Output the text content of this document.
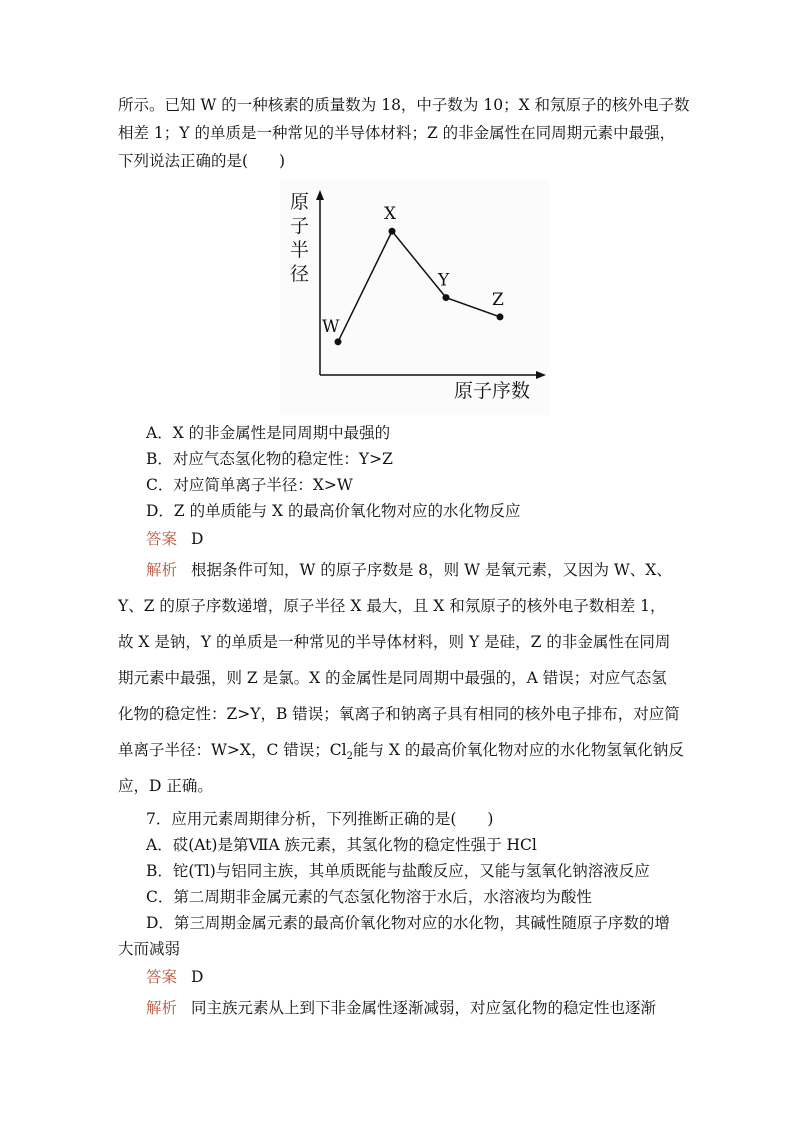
所示。已知 W 的一种核素的质量数为 18，中子数为 10；X 和氖原子的核外电子数
相差 1；Y 的单质是一种常见的半导体材料；Z 的非金属性在同周期元素中最强，
下列说法正确的是(　　)
原
子
半
径
原子序数
W
X
Y
Z
A．X 的非金属性是同周期中最强的
B．对应气态氢化物的稳定性：Y>Z
C．对应简单离子半径：X>W
D．Z 的单质能与 X 的最高价氧化物对应的水化物反应
答案 D
解析 根据条件可知，W 的原子序数是 8，则 W 是氧元素，又因为 W、X、
Y、Z 的原子序数递增，原子半径 X 最大，且 X 和氖原子的核外电子数相差 1，
故 X 是钠，Y 的单质是一种常见的半导体材料，则 Y 是硅，Z 的非金属性在同周
期元素中最强，则 Z 是氯。X 的金属性是同周期中最强的，A 错误；对应气态氢
化物的稳定性：Z>Y，B 错误；氧离子和钠离子具有相同的核外电子排布，对应简
单离子半径：W>X，C 错误；$Cl_2$能与 X 的最高价氧化物对应的水化物氢氧化钠反
应，D 正确。
7．应用元素周期律分析，下列推断正确的是(　　)
A．砹(At)是第ⅦA 族元素，其氢化物的稳定性强于 HCl
B．铊(Tl)与铝同主族，其单质既能与盐酸反应，又能与氢氧化钠溶液反应
C．第二周期非金属元素的气态氢化物溶于水后，水溶液均为酸性
D．第三周期金属元素的最高价氧化物对应的水化物，其碱性随原子序数的增
大而减弱
答案 D
解析 同主族元素从上到下非金属性逐渐减弱，对应氢化物的稳定性也逐渐
